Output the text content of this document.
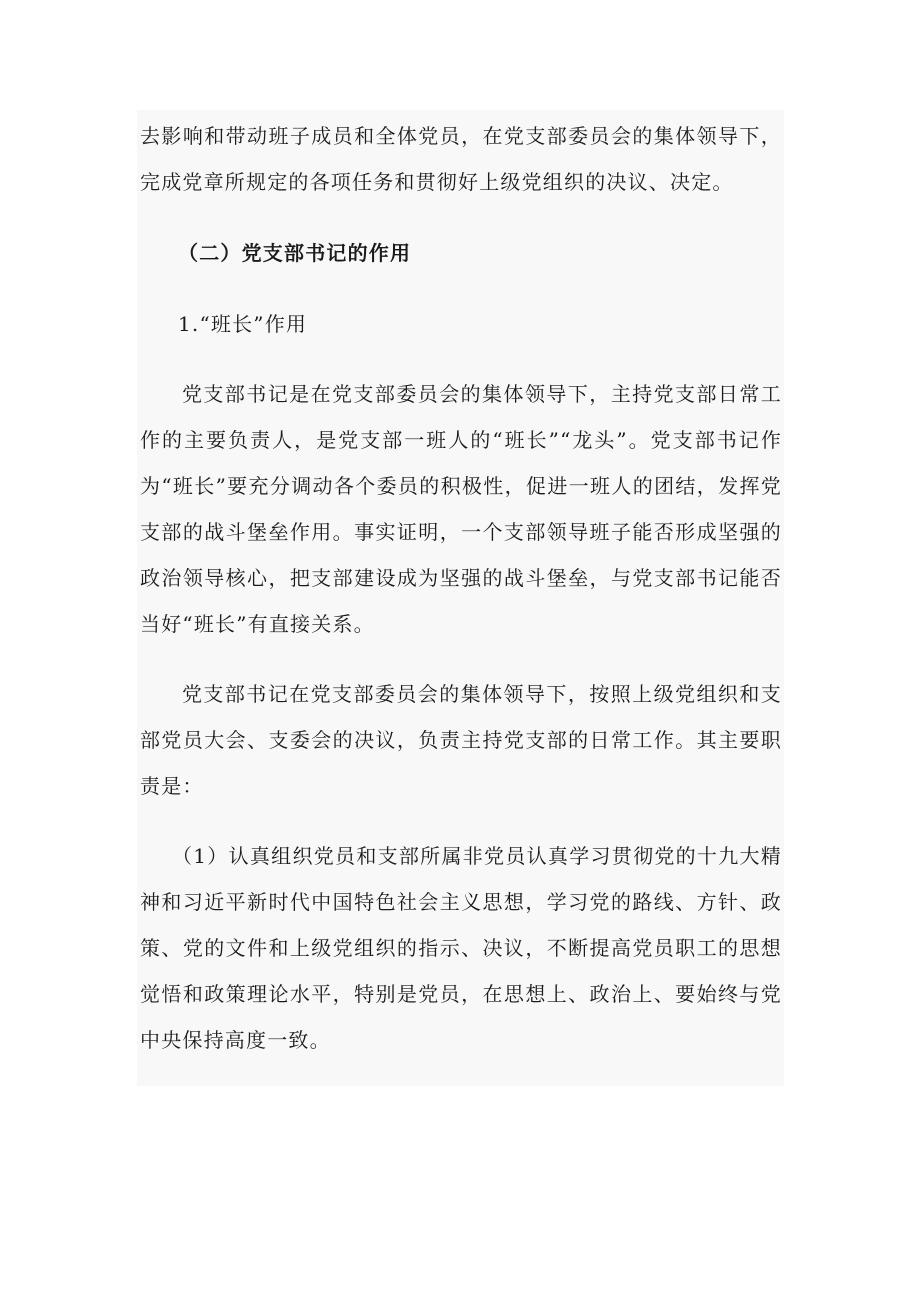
去影响和带动班子成员和全体党员，在党支部委员会的集体领导下，完成党章所规定的各项任务和贯彻好上级党组织的决议、决定。

（二）党支部书记的作用

1.“班长”作用

党支部书记是在党支部委员会的集体领导下，主持党支部日常工作的主要负责人，是党支部一班人的“班长”“龙头”。党支部书记作为“班长”要充分调动各个委员的积极性，促进一班人的团结，发挥党支部的战斗堡垒作用。事实证明，一个支部领导班子能否形成坚强的政治领导核心，把支部建设成为坚强的战斗堡垒，与党支部书记能否当好“班长”有直接关系。

党支部书记在党支部委员会的集体领导下，按照上级党组织和支部党员大会、支委会的决议，负责主持党支部的日常工作。其主要职责是：

（1）认真组织党员和支部所属非党员认真学习贯彻党的十九大精神和习近平新时代中国特色社会主义思想，学习党的路线、方针、政策、党的文件和上级党组织的指示、决议，不断提高党员职工的思想觉悟和政策理论水平，特别是党员，在思想上、政治上、要始终与党中央保持高度一致。
